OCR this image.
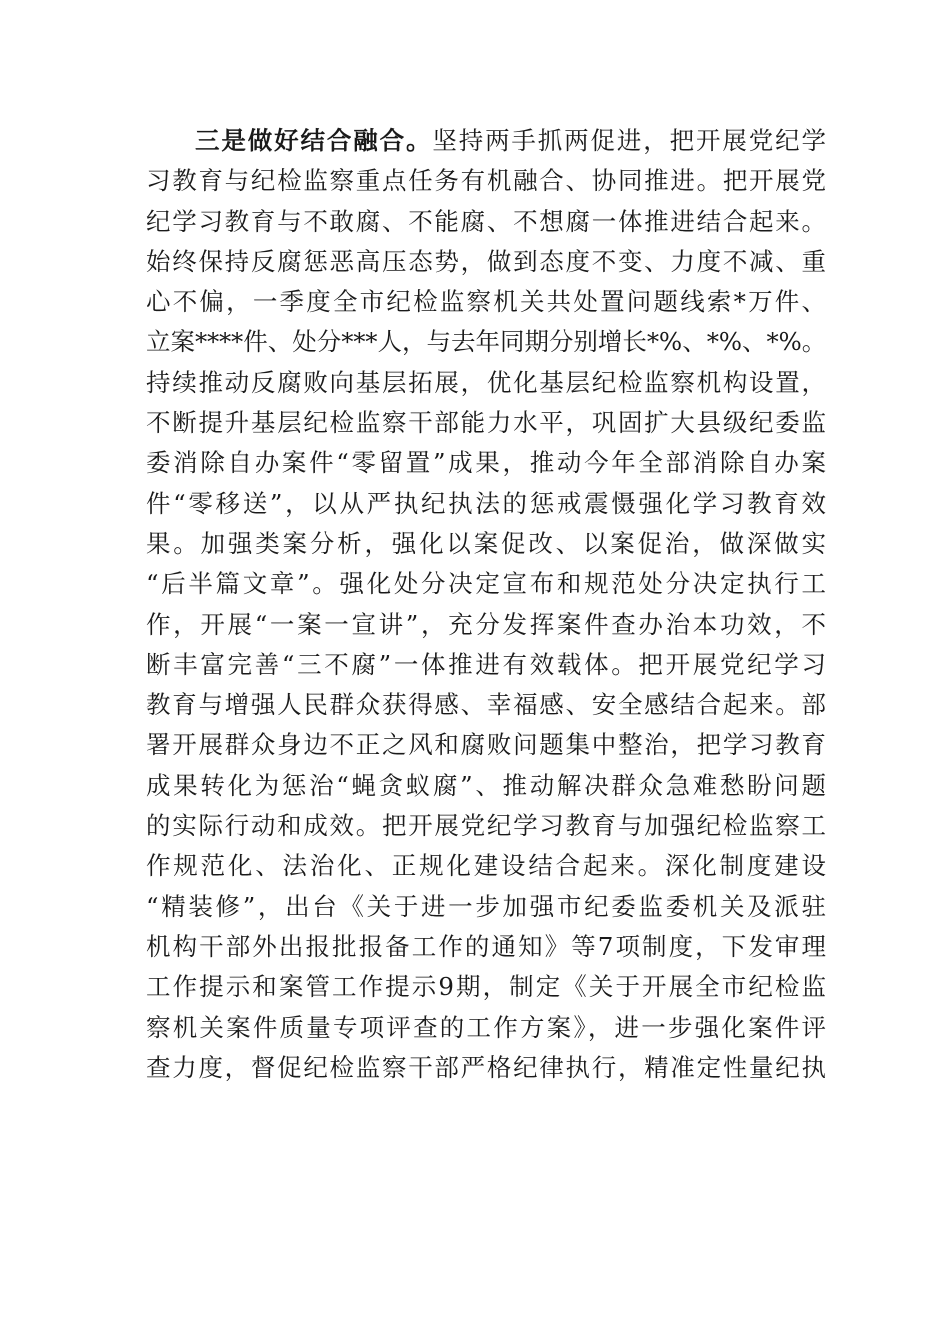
三是做好结合融合。坚持两手抓两促进，把开展党纪学
习教育与纪检监察重点任务有机融合、协同推进。把开展党
纪学习教育与不敢腐、不能腐、不想腐一体推进结合起来。
始终保持反腐惩恶高压态势，做到态度不变、力度不减、重
心不偏，一季度全市纪检监察机关共处置问题线索*万件、
立案****件、处分***人，与去年同期分别增长*%、*%、*%。
持续推动反腐败向基层拓展，优化基层纪检监察机构设置，
不断提升基层纪检监察干部能力水平，巩固扩大县级纪委监
委消除自办案件“零留置”成果，推动今年全部消除自办案
件“零移送”，以从严执纪执法的惩戒震慑强化学习教育效
果。加强类案分析，强化以案促改、以案促治，做深做实
“后半篇文章”。强化处分决定宣布和规范处分决定执行工
作，开展“一案一宣讲”，充分发挥案件查办治本功效，不
断丰富完善“三不腐”一体推进有效载体。把开展党纪学习
教育与增强人民群众获得感、幸福感、安全感结合起来。部
署开展群众身边不正之风和腐败问题集中整治，把学习教育
成果转化为惩治“蝇贪蚁腐”、推动解决群众急难愁盼问题
的实际行动和成效。把开展党纪学习教育与加强纪检监察工
作规范化、法治化、正规化建设结合起来。深化制度建设
“精装修”，出台《关于进一步加强市纪委监委机关及派驻
机构干部外出报批报备工作的通知》等7项制度，下发审理
工作提示和案管工作提示9期，制定《关于开展全市纪检监
察机关案件质量专项评查的工作方案》，进一步强化案件评
查力度，督促纪检监察干部严格纪律执行，精准定性量纪执
